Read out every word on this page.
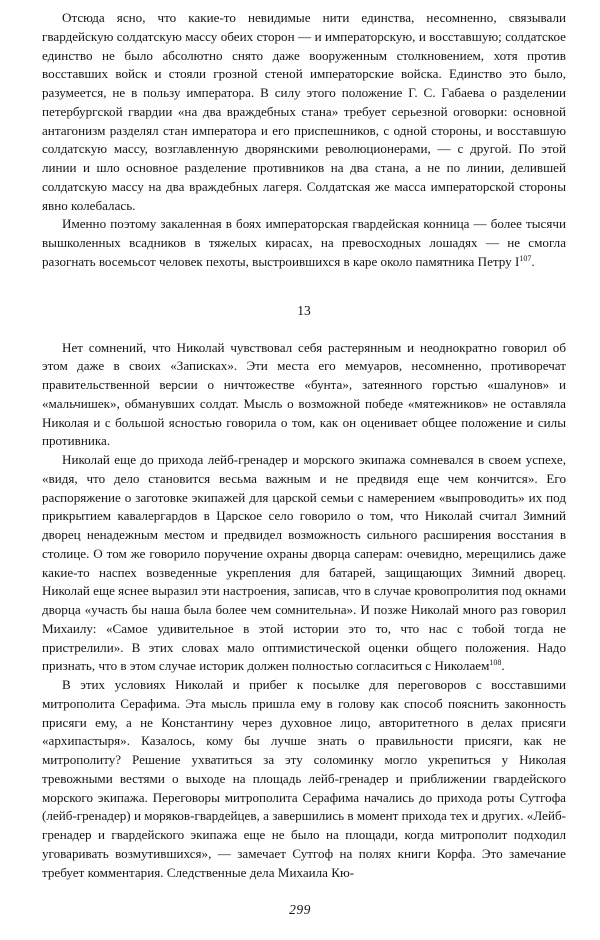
Отсюда ясно, что какие-то невидимые нити единства, несомненно, связывали гвардейскую солдатскую массу обеих сторон — и императорскую, и восставшую; солдатское единство не было абсолютно снято даже вооруженным столкновением, хотя против восставших войск и стояли грозной стеной императорские войска. Единство это было, разумеется, не в пользу императора. В силу этого положение Г. С. Габаева о разделении петербургской гвардии «на два враждебных стана» требует серьезной оговорки: основной антагонизм разделял стан императора и его приспешников, с одной стороны, и восставшую солдатскую массу, возглавленную дворянскими революционерами, — с другой. По этой линии и шло основное разделение противников на два стана, а не по линии, делившей солдатскую массу на два враждебных лагеря. Солдатская же масса императорской стороны явно колебалась.

Именно поэтому закаленная в боях императорская гвардейская конница — более тысячи вышколенных всадников в тяжелых кирасах, на превосходных лошадях — не смогла разогнать восемьсот человек пехоты, выстроившихся в каре около памятника Петру $I^{107}$.

13

Нет сомнений, что Николай чувствовал себя растерянным и неоднократно говорил об этом даже в своих «Записках». Эти места его мемуаров, несомненно, противоречат правительственной версии о ничтожестве «бунта», затеянного горстью «шалунов» и «мальчишек», обманувших солдат. Мысль о возможной победе «мятежников» не оставляла Николая и с большой ясностью говорила о том, как он оценивает общее положение и силы противника.

Николай еще до прихода лейб-гренадер и морского экипажа сомневался в своем успехе, «видя, что дело становится весьма важным и не предвидя еще чем кончится». Его распоряжение о заготовке экипажей для царской семьи с намерением «выпроводить» их под прикрытием кавалергардов в Царское село говорило о том, что Николай считал Зимний дворец ненадежным местом и предвидел возможность сильного расширения восстания в столице. О том же говорило поручение охраны дворца саперам: очевидно, мерещились даже какие-то наспех возведенные укрепления для батарей, защищающих Зимний дворец. Николай еще яснее выразил эти настроения, записав, что в случае кровопролития под окнами дворца «участь бы наша была более чем сомнительна». И позже Николай много раз говорил Михаилу: «Самое удивительное в этой истории это то, что нас с тобой тогда не пристрелили». В этих словах мало оптимистической оценки общего положения. Надо признать, что в этом случае историк должен полностью согласиться с Николаем$^{108}$.

В этих условиях Николай и прибег к посылке для переговоров с восставшими митрополита Серафима. Эта мысль пришла ему в голову как способ пояснить законность присяги ему, а не Константину через духовное лицо, авторитетного в делах присяги «архипастыря». Казалось, кому бы лучше знать о правильности присяги, как не митрополиту? Решение ухватиться за эту соломинку могло укрепиться у Николая тревожными вестями о выходе на площадь лейб-гренадер и приближении гвардейского морского экипажа. Переговоры митрополита Серафима начались до прихода роты Сутгофа (лейб-гренадер) и моряков-гвардейцев, а завершились в момент прихода тех и других. «Лейб-гренадер и гвардейского экипажа еще не было на площади, когда митрополит подходил уговаривать возмутившихся», — замечает Сутгоф на полях книги Корфа. Это замечание требует комментария. Следственные дела Михаила Кю-

299
